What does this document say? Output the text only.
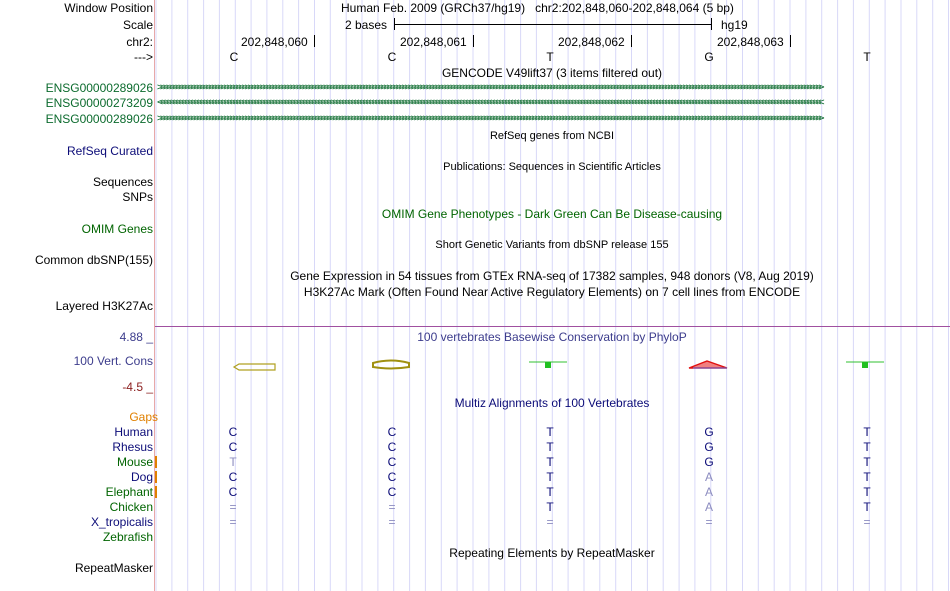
Window Position	Human Feb. 2009 (GRCh37/hg19)   chr2:202,848,060-202,848,064 (5 bp)
Scale	2 bases	hg19
chr2:	202,848,060	202,848,061	202,848,062	202,848,063
--->	C	C	T	G	T
GENCODE V49lift37 (3 items filtered out)
ENSG00000289026 >>>>>>>>>>>>>>>>>>>>>>>>>>>>>>>>>>>>>>>>>>>>>>>>>>>>>>>>>>>>>>>>>>>>>>>>>>>>>>>>>>>>>>>>>>>>>>>>>>>>>>>>>>>>>>>>>>>>>>>>>>>>>>>>>>>>>>>>>>>>>>>>>>>>>>>>>>>>>>>>>>>>>>>>>>>>>>>>>>>>>>>>>>>>>>>>>>>>>>>>>>>>>>>>>>>>>>>>>>>>
ENSG00000273209 <<<<<<<<<<<<<<<<<<<<<<<<<<<<<<<<<<<<<<<<<<<<<<<<<<<<<<<<<<<<<<<<<<<<<<<<<<<<<<<<<<<<<<<<<<<<<<<<<<<<<<<<<<<<<<<<<<<<<<<<<<<<<<<<<<<<<<<<<<<<<<<<<<<<<<<<<<<<<<<<<<<<<<<<<<<<<<<<<<<<<<<<<<<<<<<<<<<<<<<<<<<<<<<<<<<<<<<<<<<<
ENSG00000289026 >>>>>>>>>>>>>>>>>>>>>>>>>>>>>>>>>>>>>>>>>>>>>>>>>>>>>>>>>>>>>>>>>>>>>>>>>>>>>>>>>>>>>>>>>>>>>>>>>>>>>>>>>>>>>>>>>>>>>>>>>>>>>>>>>>>>>>>>>>>>>>>>>>>>>>>>>>>>>>>>>>>>>>>>>>>>>>>>>>>>>>>>>>>>>>>>>>>>>>>>>>>>>>>>>>>>>>>>>>>>
RefSeq genes from NCBI
RefSeq Curated
Publications: Sequences in Scientific Articles
Sequences
SNPs
OMIM Gene Phenotypes - Dark Green Can Be Disease-causing
OMIM Genes
Short Genetic Variants from dbSNP release 155
Common dbSNP(155)
Gene Expression in 54 tissues from GTEx RNA-seq of 17382 samples, 948 donors (V8, Aug 2019)
H3K27Ac Mark (Often Found Near Active Regulatory Elements) on 7 cell lines from ENCODE
Layered H3K27Ac
100 vertebrates Basewise Conservation by PhyloP
4.88 _
100 Vert. Cons
-4.5 _
Multiz Alignments of 100 Vertebrates
Gaps
Human	C	C	T	G	T
Rhesus	C	C	T	G	T
Mouse	T	C	T	G	T
Dog	C	C	T	A	T
Elephant	C	C	T	A	T
Chicken	=	=	T	A	T
X_tropicalis	=	=	=	=	=
Zebrafish
Repeating Elements by RepeatMasker
RepeatMasker
